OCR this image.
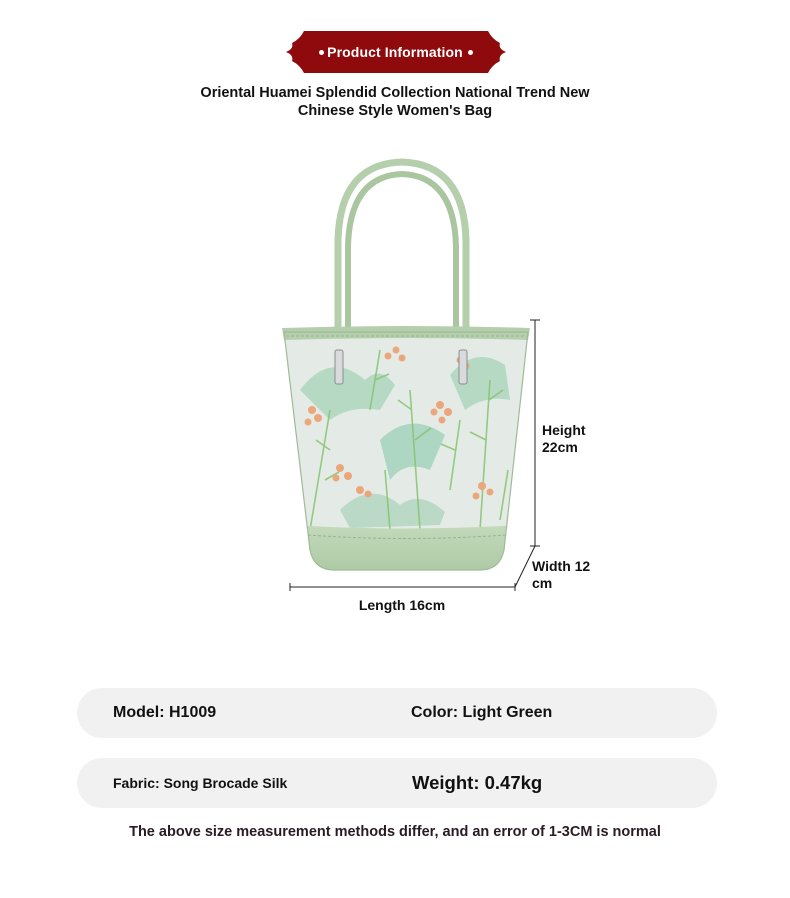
Product Information
Oriental Huamei Splendid Collection National Trend New
Chinese Style Women's Bag
Height
22cm
Width 12
cm
Length 16cm
Model: H1009	Color: Light Green
Fabric: Song Brocade Silk	Weight: 0.47kg
The above size measurement methods differ, and an error of 1-3CM is normal
